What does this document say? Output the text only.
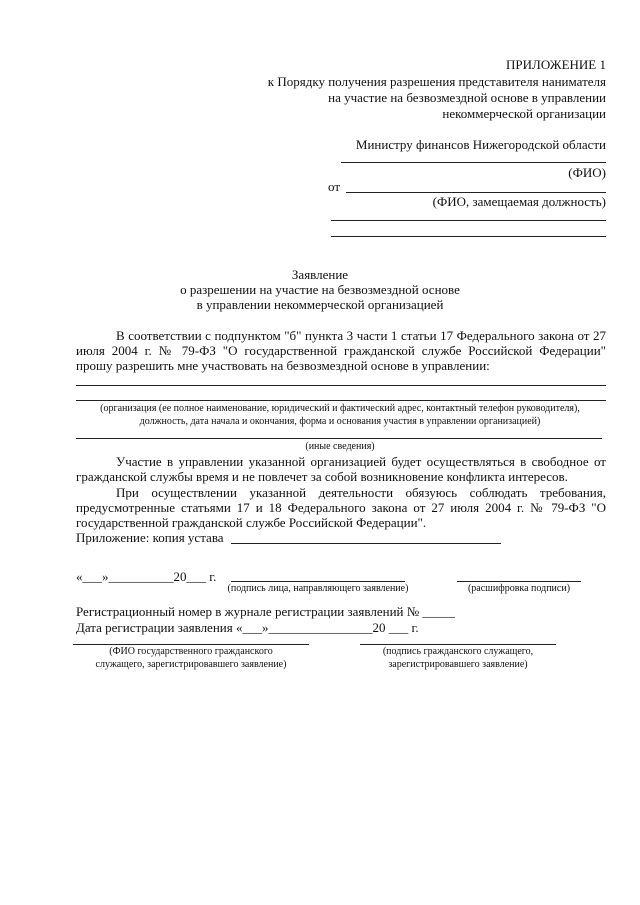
ПРИЛОЖЕНИЕ 1
к Порядку получения разрешения представителя нанимателя
на участие на безвозмездной основе в управлении
некоммерческой организации
Министру финансов Нижегородской области
(ФИО)
от
(ФИО, замещаемая должность)
Заявление
о разрешении на участие на безвозмездной основе
в управлении некоммерческой организацией
В соответствии с подпунктом "б" пункта 3 части 1 статьи 17 Федерального закона от 27
июля 2004 г. № 79-ФЗ "О государственной гражданской службе Российской Федерации"
прошу разрешить мне участвовать на безвозмездной основе в управлении:
(организация (ее полное наименование, юридический и фактический адрес, контактный телефон руководителя),
должность, дата начала и окончания, форма и основания участия в управлении организацией)
(иные сведения)
Участие в управлении указанной организацией будет осуществляться в свободное от
гражданской службы время и не повлечет за собой возникновение конфликта интересов.
При осуществлении указанной деятельности обязуюсь соблюдать требования,
предусмотренные статьями 17 и 18 Федерального закона от 27 июля 2004 г. № 79-ФЗ "О
государственной гражданской службе Российской Федерации".
Приложение: копия устава
«___»__________20___ г.
(подпись лица, направляющего заявление)	(расшифровка подписи)
Регистрационный номер в журнале регистрации заявлений № _____
Дата регистрации заявления «___»________________20 ___ г.
(ФИО государственного гражданского
служащего, зарегистрировавшего заявление)
(подпись гражданского служащего,
зарегистрировавшего заявление)
